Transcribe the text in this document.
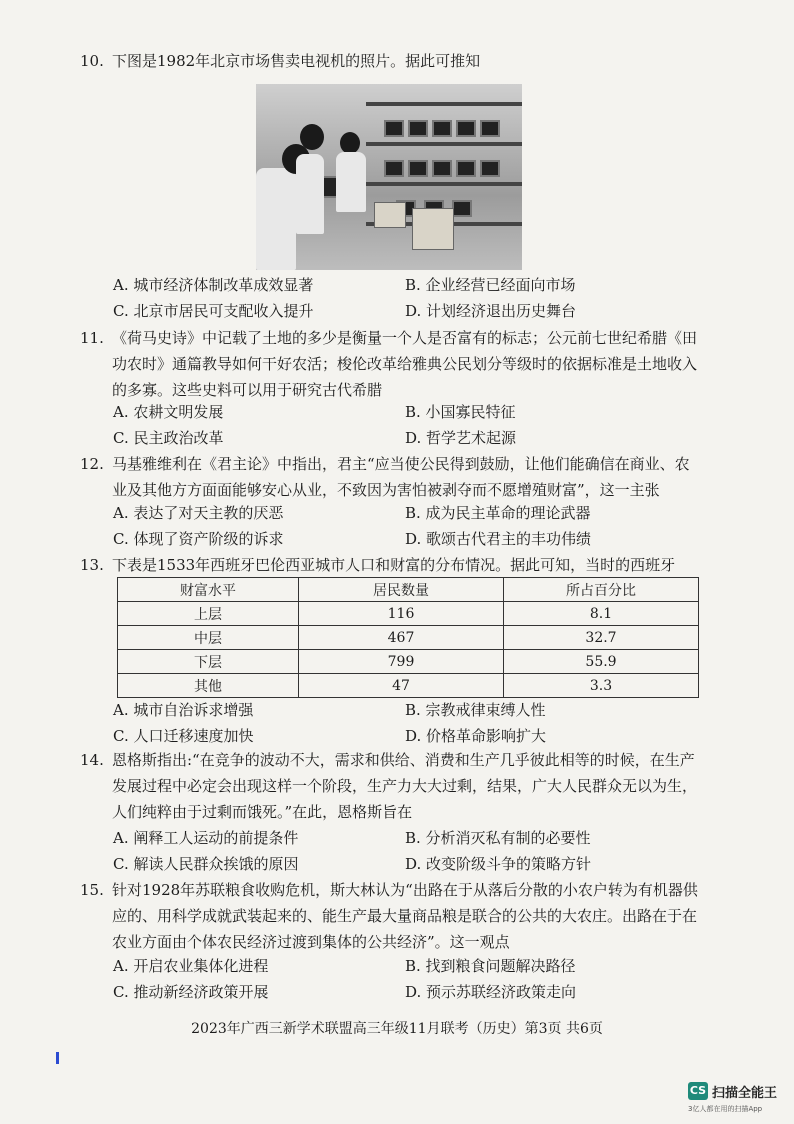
10. 下图是1982年北京市场售卖电视机的照片。据此可推知
A. 城市经济体制改革成效显著	B. 企业经营已经面向市场
C. 北京市居民可支配收入提升	D. 计划经济退出历史舞台
11. 《荷马史诗》中记载了土地的多少是衡量一个人是否富有的标志；公元前七世纪希腊《田
功农时》通篇教导如何干好农活；梭伦改革给雅典公民划分等级时的依据标准是土地收入
的多寡。这些史料可以用于研究古代希腊
A. 农耕文明发展	B. 小国寡民特征
C. 民主政治改革	D. 哲学艺术起源
12. 马基雅维利在《君主论》中指出，君主“应当使公民得到鼓励，让他们能确信在商业、农
业及其他方方面面能够安心从业，不致因为害怕被剥夺而不愿增殖财富”，这一主张
A. 表达了对天主教的厌恶	B. 成为民主革命的理论武器
C. 体现了资产阶级的诉求	D. 歌颂古代君主的丰功伟绩
13. 下表是1533年西班牙巴伦西亚城市人口和财富的分布情况。据此可知，当时的西班牙
财富水平	居民数量	所占百分比
上层	116	8.1
中层	467	32.7
下层	799	55.9
其他	47	3.3
A. 城市自治诉求增强	B. 宗教戒律束缚人性
C. 人口迁移速度加快	D. 价格革命影响扩大
14. 恩格斯指出:“在竞争的波动不大，需求和供给、消费和生产几乎彼此相等的时候，在生产
发展过程中必定会出现这样一个阶段，生产力大大过剩，结果，广大人民群众无以为生，
人们纯粹由于过剩而饿死。”在此，恩格斯旨在
A. 阐释工人运动的前提条件	B. 分析消灭私有制的必要性
C. 解读人民群众挨饿的原因	D. 改变阶级斗争的策略方针
15. 针对1928年苏联粮食收购危机，斯大林认为“出路在于从落后分散的小农户转为有机器供
应的、用科学成就武装起来的、能生产最大量商品粮是联合的公共的大农庄。出路在于在
农业方面由个体农民经济过渡到集体的公共经济”。这一观点
A. 开启农业集体化进程	B. 找到粮食问题解决路径
C. 推动新经济政策开展	D. 预示苏联经济政策走向
2023年广西三新学术联盟高三年级11月联考（历史）第3页 共6页
CS 扫描全能王
3亿人都在用的扫描App
